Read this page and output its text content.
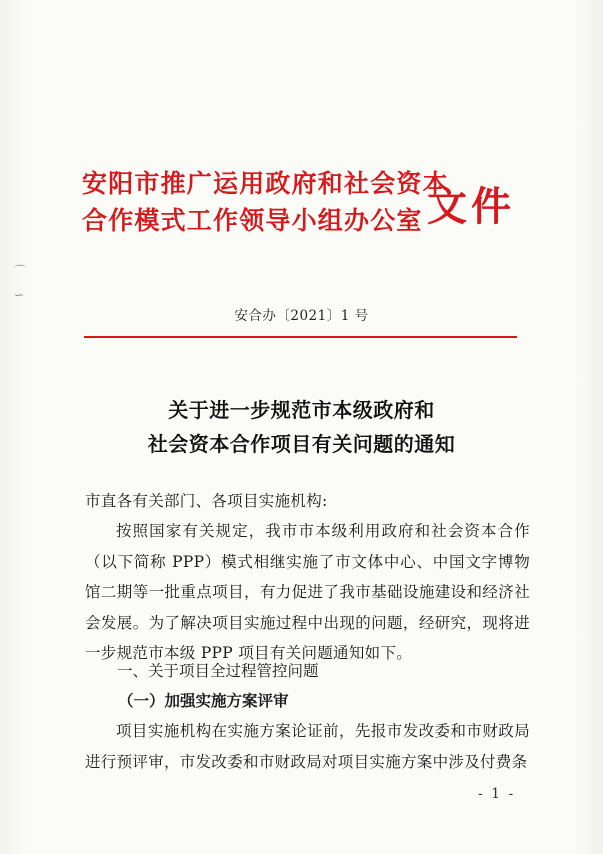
安阳市推广运用政府和社会资本
合作模式工作领导小组办公室 文件
安合办〔2021〕1 号
关于进一步规范市本级政府和
社会资本合作项目有关问题的通知
市直各有关部门、各项目实施机构:
按照国家有关规定，我市市本级利用政府和社会资本合作（以下简称 PPP）模式相继实施了市文体中心、中国文字博物馆二期等一批重点项目，有力促进了我市基础设施建设和经济社会发展。为了解决项目实施过程中出现的问题，经研究，现将进一步规范市本级 PPP 项目有关问题通知如下。
一、关于项目全过程管控问题
（一）加强实施方案评审
项目实施机构在实施方案论证前，先报市发改委和市财政局进行预评审，市发改委和市财政局对项目实施方案中涉及付费条
- 1 -
⌒
∽
